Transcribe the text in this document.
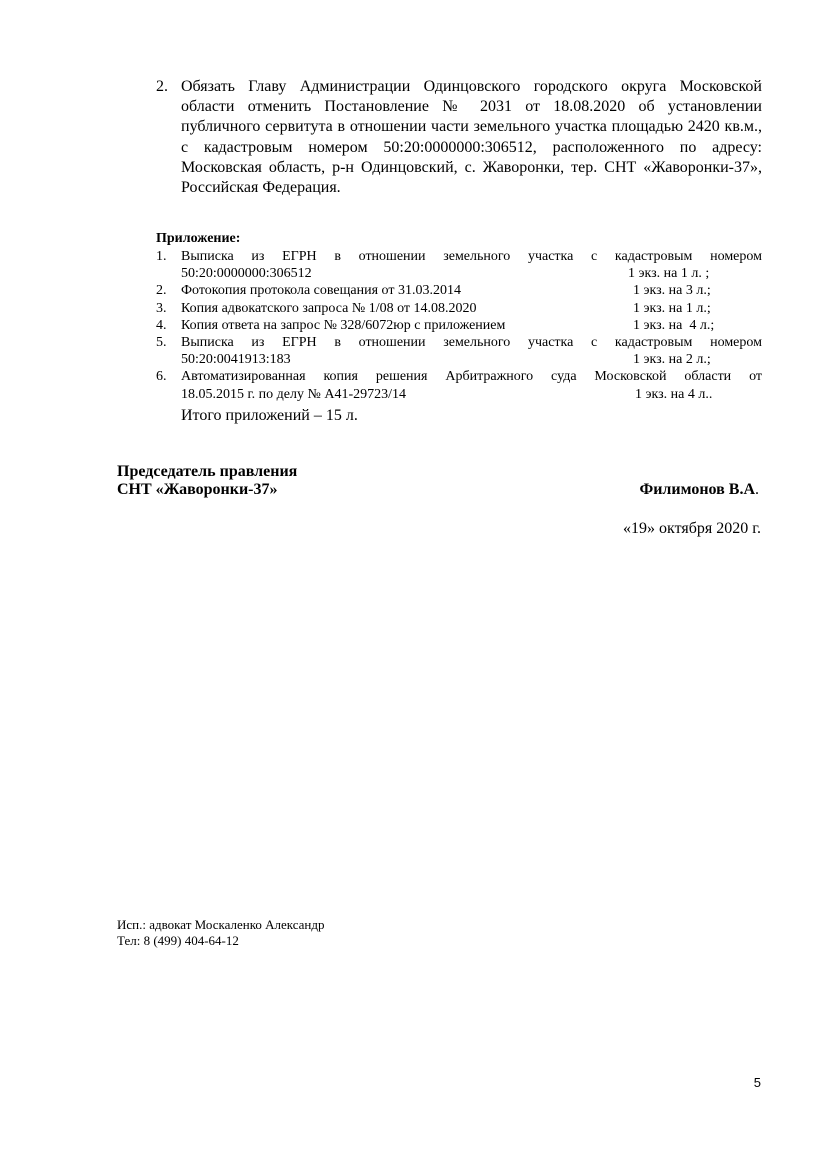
2. Обязать Главу Администрации Одинцовского городского округа Московской области отменить Постановление № 2031 от 18.08.2020 об установлении публичного сервитута в отношении части земельного участка площадью 2420 кв.м., с кадастровым номером 50:20:0000000:306512, расположенного по адресу: Московская область, р-н Одинцовский, с. Жаворонки, тер. СНТ «Жаворонки-37», Российская Федерация.
Приложение:
1. Выписка из ЕГРН в отношении земельного участка с кадастровым номером
50:20:0000000:306512	1 экз. на 1 л. ;
2. Фотокопия протокола совещания от 31.03.2014	1 экз. на 3 л.;
3. Копия адвокатского запроса № 1/08 от 14.08.2020	1 экз. на 1 л.;
4. Копия ответа на запрос № 328/6072юр с приложением	1 экз. на  4 л.;
5. Выписка из ЕГРН в отношении земельного участка с кадастровым номером
50:20:0041913:183	1 экз. на 2 л.;
6. Автоматизированная копия решения Арбитражного суда Московской области от
18.05.2015 г. по делу № А41-29723/14	1 экз. на 4 л..
Итого приложений – 15 л.
Председатель правления
СНТ «Жаворонки-37»	Филимонов В.А.
«19» октября 2020 г.
Исп.: адвокат Москаленко Александр
Тел: 8 (499) 404-64-12
5
